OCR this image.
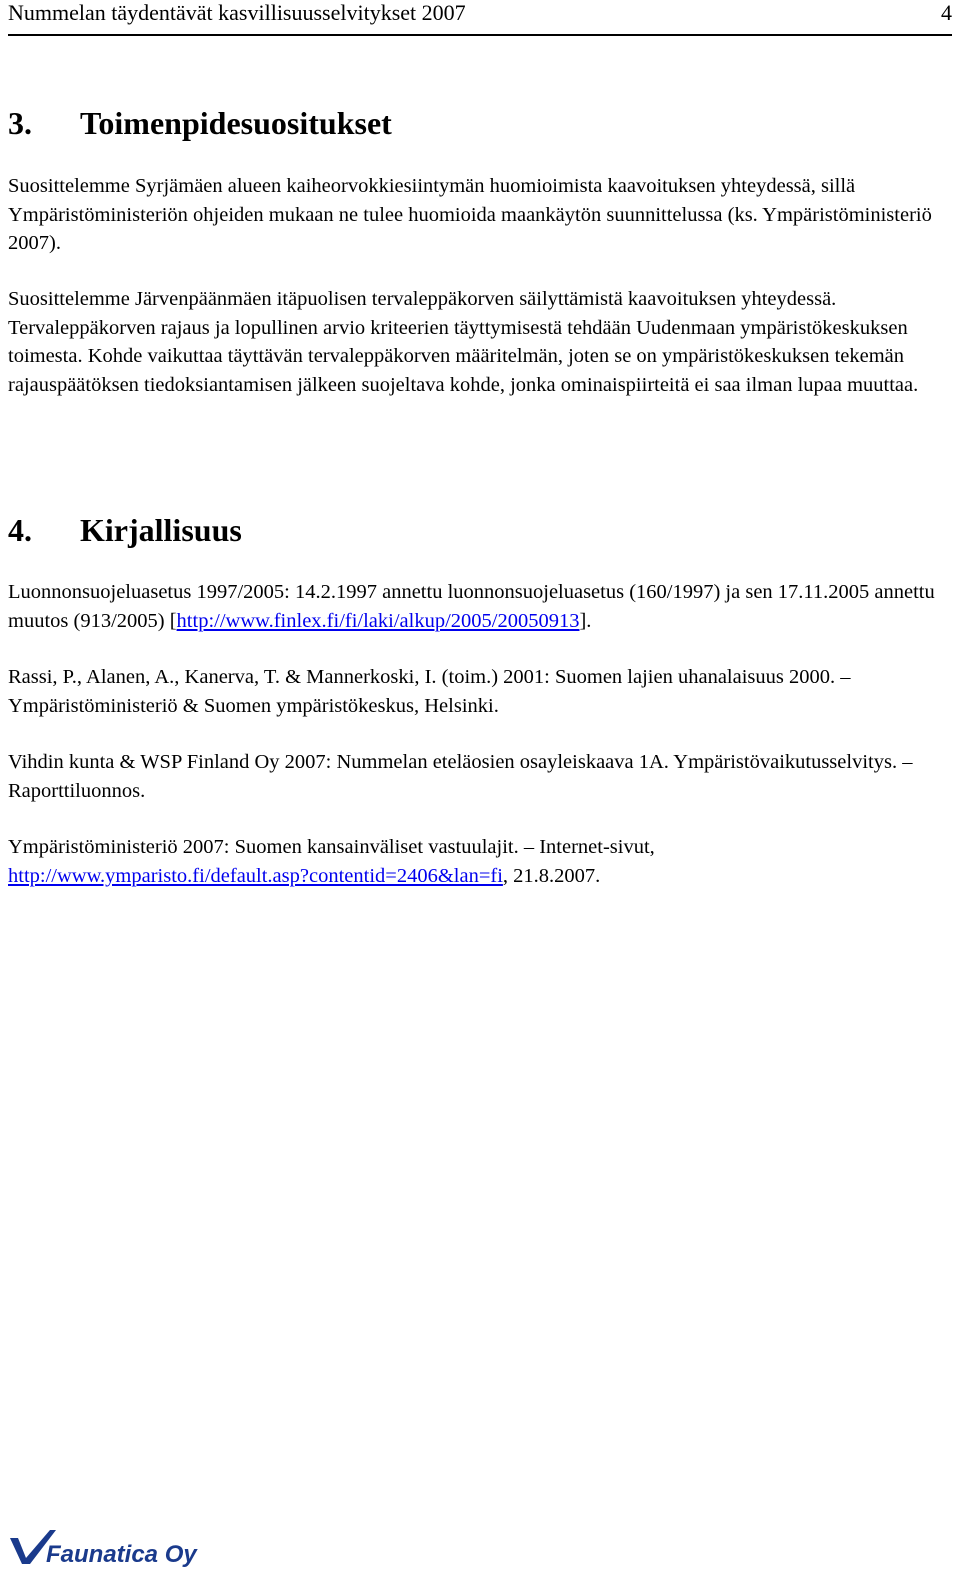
Nummelan täydentävät kasvillisuusselvitykset 2007	4
3. Toimenpidesuositukset

Suosittelemme Syrjämäen alueen kaiheorvokkiesiintymän huomioimista kaavoituksen yhteydessä, sillä Ympäristöministeriön ohjeiden mukaan ne tulee huomioida maankäytön suunnittelussa (ks. Ympäristöministeriö 2007).

Suosittelemme Järvenpäänmäen itäpuolisen tervaleppäkorven säilyttämistä kaavoituksen yhteydessä. Tervaleppäkorven rajaus ja lopullinen arvio kriteerien täyttymisestä tehdään Uudenmaan ympäristökeskuksen toimesta. Kohde vaikuttaa täyttävän tervaleppäkorven määritelmän, joten se on ympäristökeskuksen tekemän rajauspäätöksen tiedoksiantamisen jälkeen suojeltava kohde, jonka ominaispiirteitä ei saa ilman lupaa muuttaa.

4. Kirjallisuus

Luonnonsuojeluasetus 1997/2005: 14.2.1997 annettu luonnonsuojeluasetus (160/1997) ja sen 17.11.2005 annettu muutos (913/2005) [http://www.finlex.fi/fi/laki/alkup/2005/20050913].

Rassi, P., Alanen, A., Kanerva, T. & Mannerkoski, I. (toim.) 2001: Suomen lajien uhanalaisuus 2000. – Ympäristöministeriö & Suomen ympäristökeskus, Helsinki.

Vihdin kunta & WSP Finland Oy 2007: Nummelan eteläosien osayleiskaava 1A. Ympäristövaikutusselvitys. – Raporttiluonnos.

Ympäristöministeriö 2007: Suomen kansainväliset vastuulajit. – Internet-sivut, http://www.ymparisto.fi/default.asp?contentid=2406&lan=fi, 21.8.2007.

Faunatica Oy
